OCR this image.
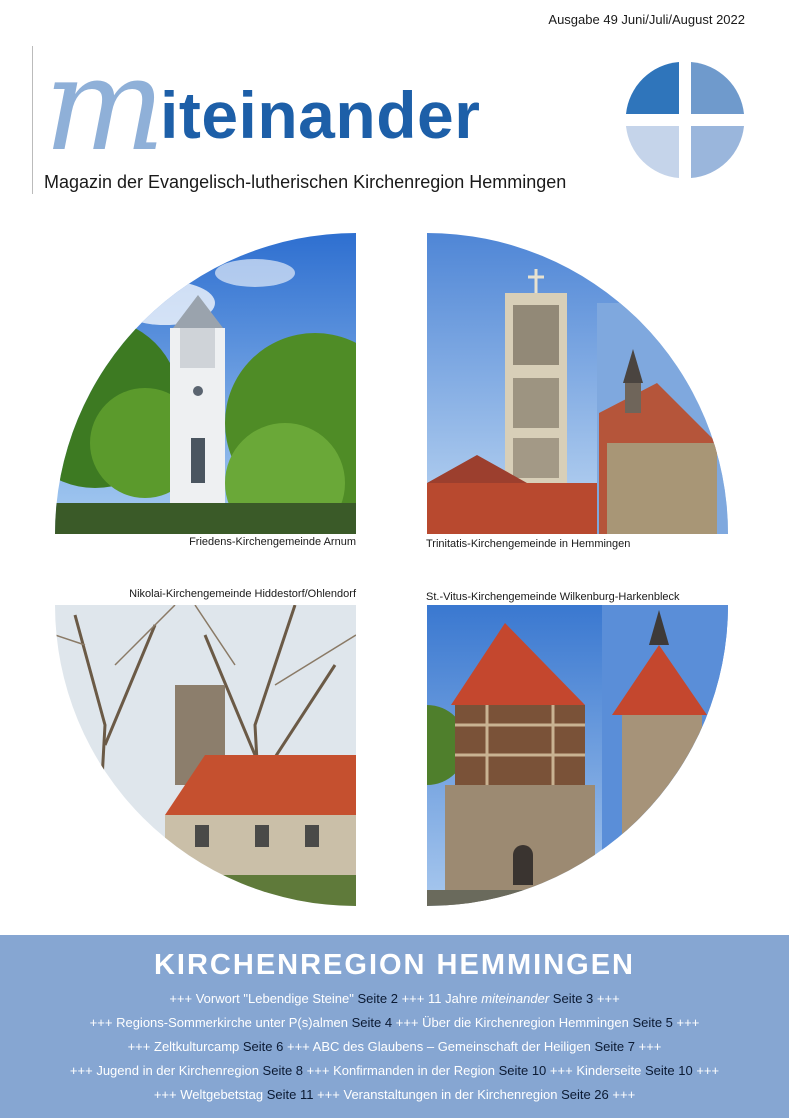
Ausgabe 49 Juni/Juli/August 2022
m
iteinander
Magazin der Evangelisch-lutherischen Kirchenregion Hemmingen
Friedens-Kirchengemeinde Arnum	Trinitatis-Kirchengemeinde in Hemmingen
Nikolai-Kirchengemeinde Hiddestorf/Ohlendorf	St.-Vitus-Kirchengemeinde Wilkenburg-Harkenbleck
KIRCHENREGION HEMMINGEN
+++ Vorwort "Lebendige Steine" Seite 2 +++ 11 Jahre miteinander Seite 3 +++
+++ Regions-Sommerkirche unter P(s)almen Seite 4 +++ Über die Kirchenregion Hemmingen Seite 5 +++
+++ Zeltkulturcamp Seite 6 +++ ABC des Glaubens – Gemeinschaft der Heiligen Seite 7 +++
+++ Jugend in der Kirchenregion Seite 8 +++ Konfirmanden in der Region Seite 10 +++ Kinderseite Seite 10 +++
+++ Weltgebetstag Seite 11 +++ Veranstaltungen in der Kirchenregion Seite 26 +++
